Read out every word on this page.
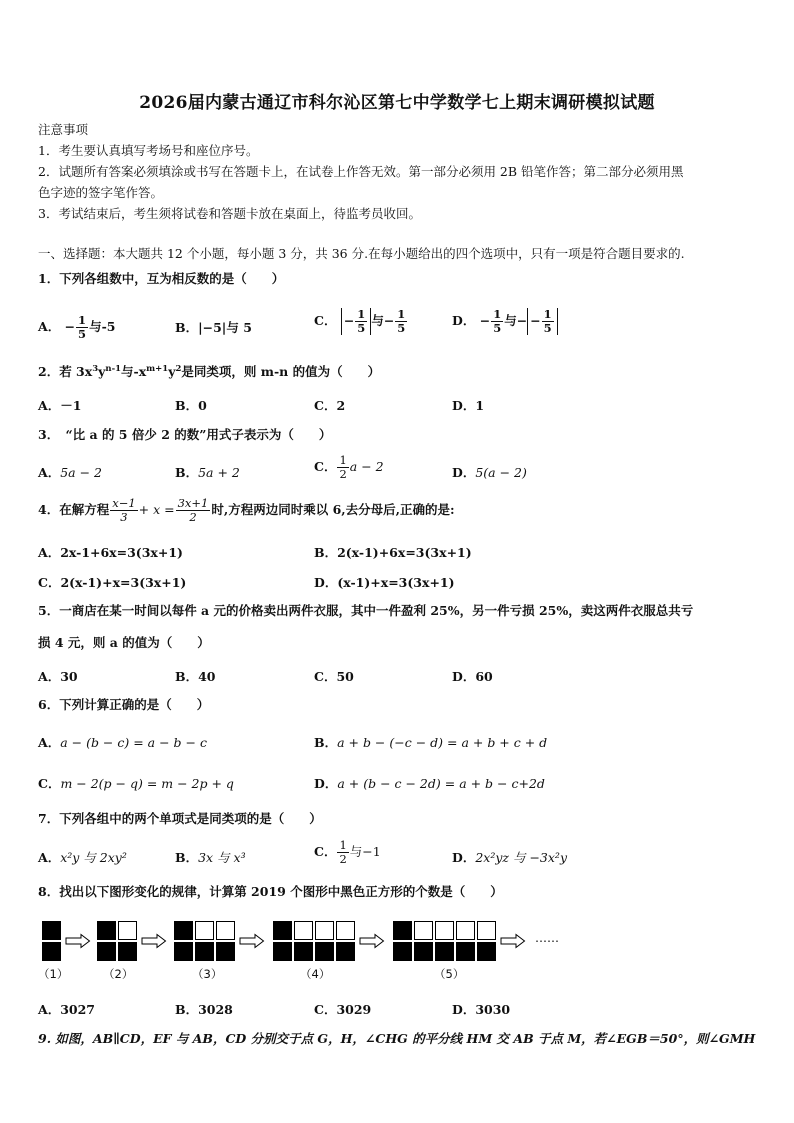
2026届内蒙古通辽市科尔沁区第七中学数学七上期末调研模拟试题
注意事项
1．考生要认真填写考场号和座位序号。
2．试题所有答案必须填涂或书写在答题卡上，在试卷上作答无效。第一部分必须用 2B 铅笔作答；第二部分必须用黑
色字迹的签字笔作答。
3．考试结束后，考生须将试卷和答题卡放在桌面上，待监考员收回。
一、选择题：本大题共 12 个小题，每小题 3 分，共 36 分.在每小题给出的四个选项中，只有一项是符合题目要求的.
1．下列各组数中，互为相反数的是（　　）
A． − $\frac{1}{5}$ 与-5	B．|−5|与 5	C． − $\frac{1}{5}$ 与− $\frac{1}{5}$	D． − $\frac{1}{5}$ 与− − $\frac{1}{5}$
2．若 $3x^3y^{n-1}$与$-x^{m+1}y^2$是同类项，则 m-n 的值为（　　）
A．－1	B．0	C．2	D．1
3．　“比 a 的 5 倍少 2 的数”用式子表示为（　　）
A．5a − 2	B．5a + 2	C． $\frac{1}{2}$ a − 2	D．5(a − 2)
4．在解方程 $\frac{x-1}{3} + x = \frac{3x+1}{2}$ 时,方程两边同时乘以 6,去分母后,正确的是:
A．2x-1+6x=3(3x+1)	B．2(x-1)+6x=3(3x+1)
C．2(x-1)+x=3(3x+1)	D．(x-1)+x=3(3x+1)
5．一商店在某一时间以每件 a 元的价格卖出两件衣服，其中一件盈利 25%，另一件亏损 25%，卖这两件衣服总共亏
损 4 元，则 a 的值为（　　）
A．30	B．40	C．50	D．60
6．下列计算正确的是（　　）
A．a − (b − c) = a − b − c	B．a + b − (−c − d) = a + b + c + d
C．m − 2(p − q) = m − 2p + q	D．a + (b − c − 2d) = a + b − c+2d
7．下列各组中的两个单项式是同类项的是（　　）
A．x²y 与 2xy²	B．3x 与 x³	C． $\frac{1}{2}$ 与−1	D．2x²yz 与 −3x²y
8．找出以下图形变化的规律，计算第 2019 个图形中黑色正方形的个数是（　　）
（1）	（2）	（3）	（4）	（5）
……
A．3027	B．3028	C．3029	D．3030
9. 如图，AB∥CD，EF 与 AB，CD 分别交于点 G，H，∠CHG 的平分线 HM 交 AB 于点 M，若∠EGB＝50°，则∠GMH
